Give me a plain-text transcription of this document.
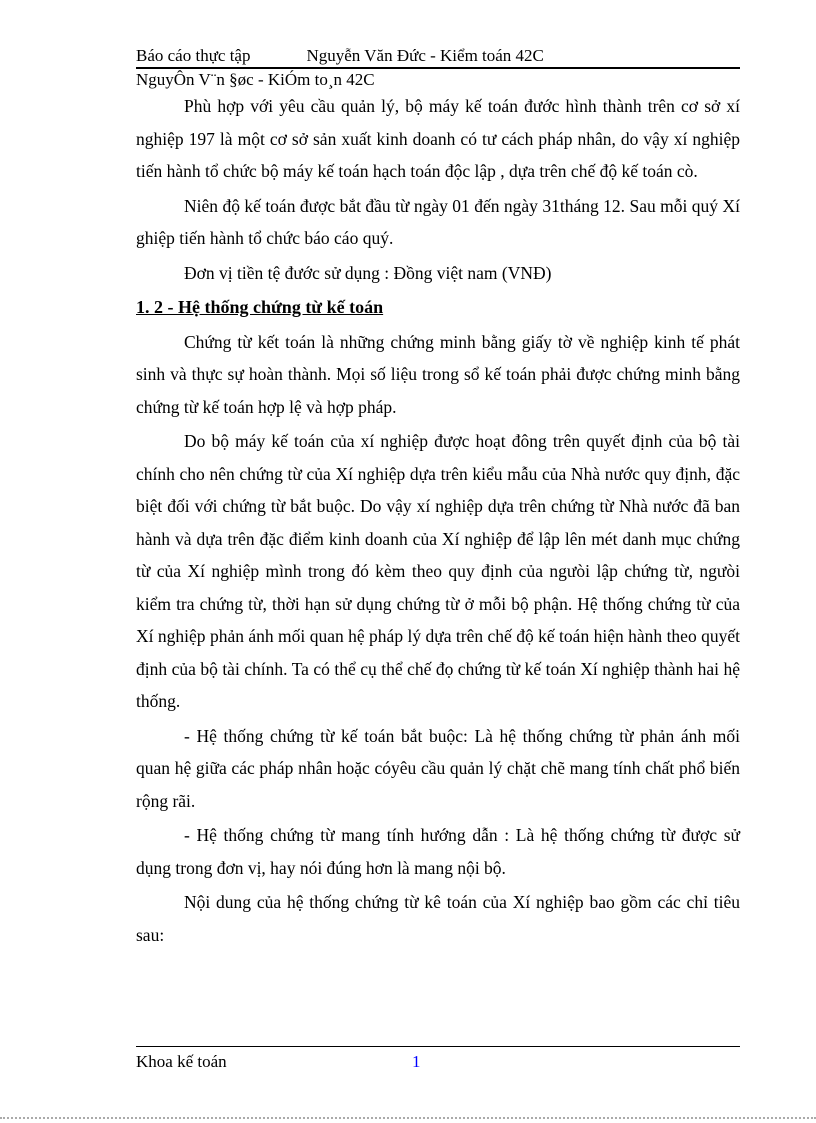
Báo cáo thực tập	Nguyễn Văn Đức - Kiểm toán 42C
NguyÔn V¨n §øc - KiÓm to¸n 42C

Phù hợp với yêu cầu quản lý, bộ máy kế toán đước hình thành trên cơ sở xí nghiệp 197 là một cơ sở sản xuất kinh doanh có tư cách pháp nhân, do vậy xí nghiệp tiến hành tổ chức bộ máy kế toán hạch toán độc lập , dựa trên chế độ kế toán cò.

Niên độ kế toán được bắt đầu từ ngày 01 đến ngày 31tháng 12. Sau mỗi quý Xí ghiệp tiến hành tổ chức báo cáo quý.

Đơn vị tiền tệ đước sử dụng : Đồng việt nam (VNĐ)

1. 2 - Hệ thống chứng từ kế toán

Chứng từ kết toán là những chứng minh bằng giấy tờ về nghiệp kinh tế phát sinh và thực sự hoàn thành. Mọi số liệu trong sổ kế toán phải được chứng minh bằng chứng từ kế toán hợp lệ và hợp pháp.

Do bộ máy kế toán của xí nghiệp được hoạt đông trên quyết định của bộ tài chính cho nên chứng từ của Xí nghiệp dựa trên kiểu mẫu của Nhà nước quy định, đặc biệt đối với chứng từ bắt buộc. Do vậy xí nghiệp dựa trên chứng từ Nhà nước đã ban hành và dựa trên đặc điểm kinh doanh của Xí nghiệp để lập lên mét danh mục chứng từ của Xí nghiệp mình trong đó kèm theo quy định của ngưòi lập chứng từ, ngưòi kiểm tra chứng từ, thời hạn sử dụng chứng từ ở mỗi bộ phận. Hệ thống chứng từ của Xí nghiệp phản ánh mối quan hệ pháp lý dựa trên chế độ kế toán hiện hành theo quyết định của bộ tài chính. Ta có thể cụ thể chế đọ chứng từ kế toán Xí nghiệp thành hai hệ thống.

- Hệ thống chứng từ kế toán bắt buộc: Là hệ thống chứng từ phản ánh mối quan hệ giữa các pháp nhân hoặc cóyêu cầu quản lý chặt chẽ mang tính chất phổ biến rộng rãi.

- Hệ thống chứng từ mang tính hướng dẫn : Là hệ thống chứng từ được sử dụng trong đơn vị, hay nói đúng hơn là mang nội bộ.

Nội dung của hệ thống chứng từ kê toán của Xí nghiệp bao gồm các chỉ tiêu sau:

Khoa kế toán	1
